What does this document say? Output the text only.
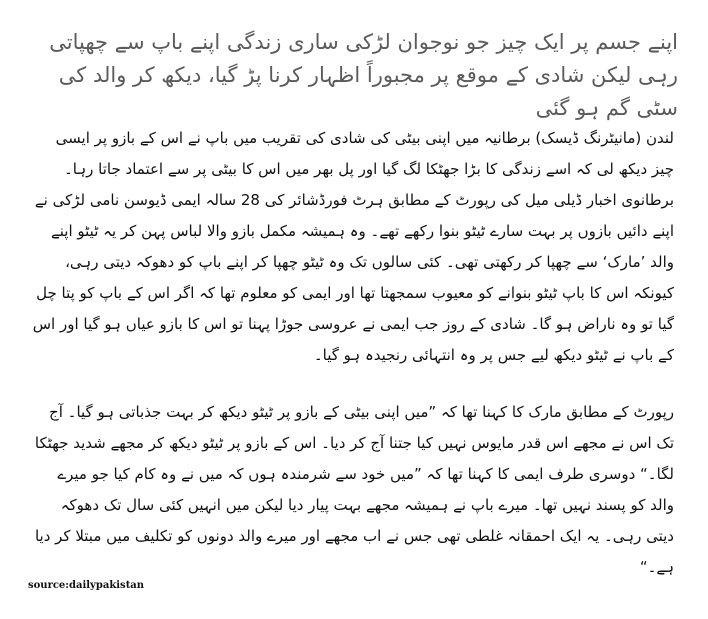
اپنے جسم پر ایک چیز جو نوجوان لڑکی ساری زندگی اپنے باپ سے چھپاتی رہی لیکن شادی کے موقع پر مجبوراً اظہار کرنا پڑ گیا، دیکھ کر والد کی سٹی گم ہو گئی

لندن (مانیٹرنگ ڈیسک) برطانیہ میں اپنی بیٹی کی شادی کی تقریب میں باپ نے اس کے بازو پر ایسی چیز دیکھ لی کہ اسے زندگی کا بڑا جھٹکا لگ گیا اور پل بھر میں اس کا بیٹی پر سے اعتماد جاتا رہا۔ برطانوی اخبار ڈیلی میل کی رپورٹ کے مطابق ہرٹ فورڈشائر کی 28 سالہ ایمی ڈیوسن نامی لڑکی نے اپنے دائیں بازوں پر بہت سارے ٹیٹو بنوا رکھے تھے۔ وہ ہمیشہ مکمل بازو والا لباس پہن کر یہ ٹیٹو اپنے والد ’مارک‘ سے چھپا کر رکھتی تھی۔ کئی سالوں تک وہ ٹیٹو چھپا کر اپنے باپ کو دھوکہ دیتی رہی، کیونکہ اس کا باپ ٹیٹو بنوانے کو معیوب سمجھتا تھا اور ایمی کو معلوم تھا کہ اگر اس کے باپ کو پتا چل گیا تو وہ ناراض ہو گا۔ شادی کے روز جب ایمی نے عروسی جوڑا پہنا تو اس کا بازو عیاں ہو گیا اور اس کے باپ نے ٹیٹو دیکھ لیے جس پر وہ انتہائی رنجیدہ ہو گیا۔

رپورٹ کے مطابق مارک کا کہنا تھا کہ ”میں اپنی بیٹی کے بازو پر ٹیٹو دیکھ کر بہت جذباتی ہو گیا۔ آج تک اس نے مجھے اس قدر مایوس نہیں کیا جتنا آج کر دیا۔ اس کے بازو پر ٹیٹو دیکھ کر مجھے شدید جھٹکا لگا۔“ دوسری طرف ایمی کا کہنا تھا کہ ”میں خود سے شرمندہ ہوں کہ میں نے وہ کام کیا جو میرے والد کو پسند نہیں تھا۔ میرے باپ نے ہمیشہ مجھے بہت پیار دیا لیکن میں انہیں کئی سال تک دھوکہ دیتی رہی۔ یہ ایک احمقانہ غلطی تھی جس نے اب مجھے اور میرے والد دونوں کو تکلیف میں مبتلا کر دیا ہے۔“

source:dailypakistan
